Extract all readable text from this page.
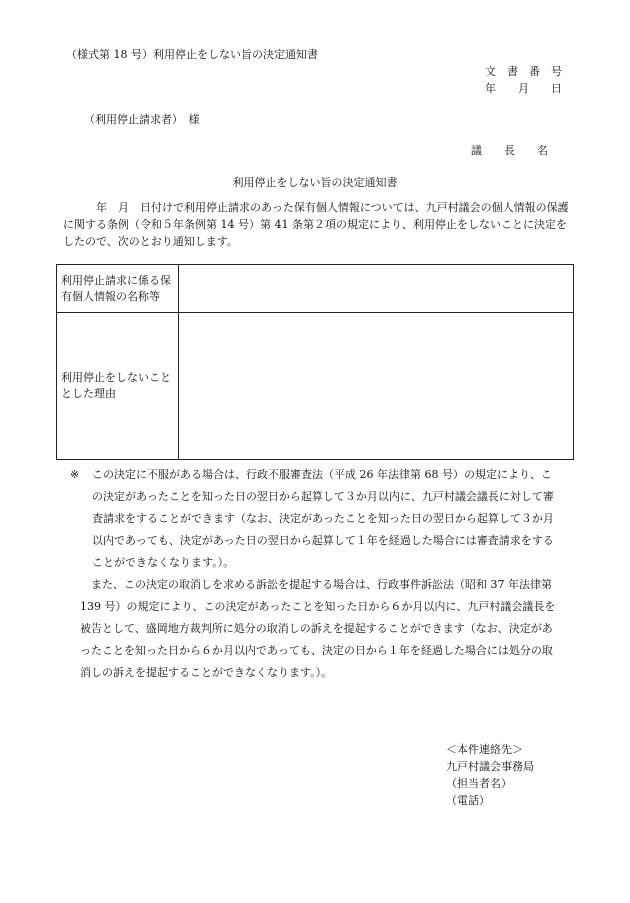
（様式第 18 号）利用停止をしない旨の決定通知書
文　書　番　号
年　　月　　日
（利用停止請求者）　様
議　　長　　名
利用停止をしない旨の決定通知書

年　月　日付けで利用停止請求のあった保有個人情報については、九戸村議会の個人情報の保護に関する条例（令和５年条例第 14 号）第 41 条第２項の規定により、利用停止をしないことに決定をしたので、次のとおり通知します。

利用停止請求に係る保有個人情報の名称等	
利用停止をしないこととした理由	
※	この決定に不服がある場合は、行政不服審査法（平成 26 年法律第 68 号）の規定により、この決定があったことを知った日の翌日から起算して３か月以内に、九戸村議会議長に対して審査請求をすることができます（なお、決定があったことを知った日の翌日から起算して３か月以内であっても、決定があった日の翌日から起算して１年を経過した場合には審査請求をすることができなくなります。）。

また、この決定の取消しを求める訴訟を提起する場合は、行政事件訴訟法（昭和 37 年法律第 139 号）の規定により、この決定があったことを知った日から６か月以内に、九戸村議会議長を被告として、盛岡地方裁判所に処分の取消しの訴えを提起することができます（なお、決定があったことを知った日から６か月以内であっても、決定の日から１年を経過した場合には処分の取消しの訴えを提起することができなくなります。）。

＜本件連絡先＞
九戸村議会事務局
（担当者名）
（電話）
